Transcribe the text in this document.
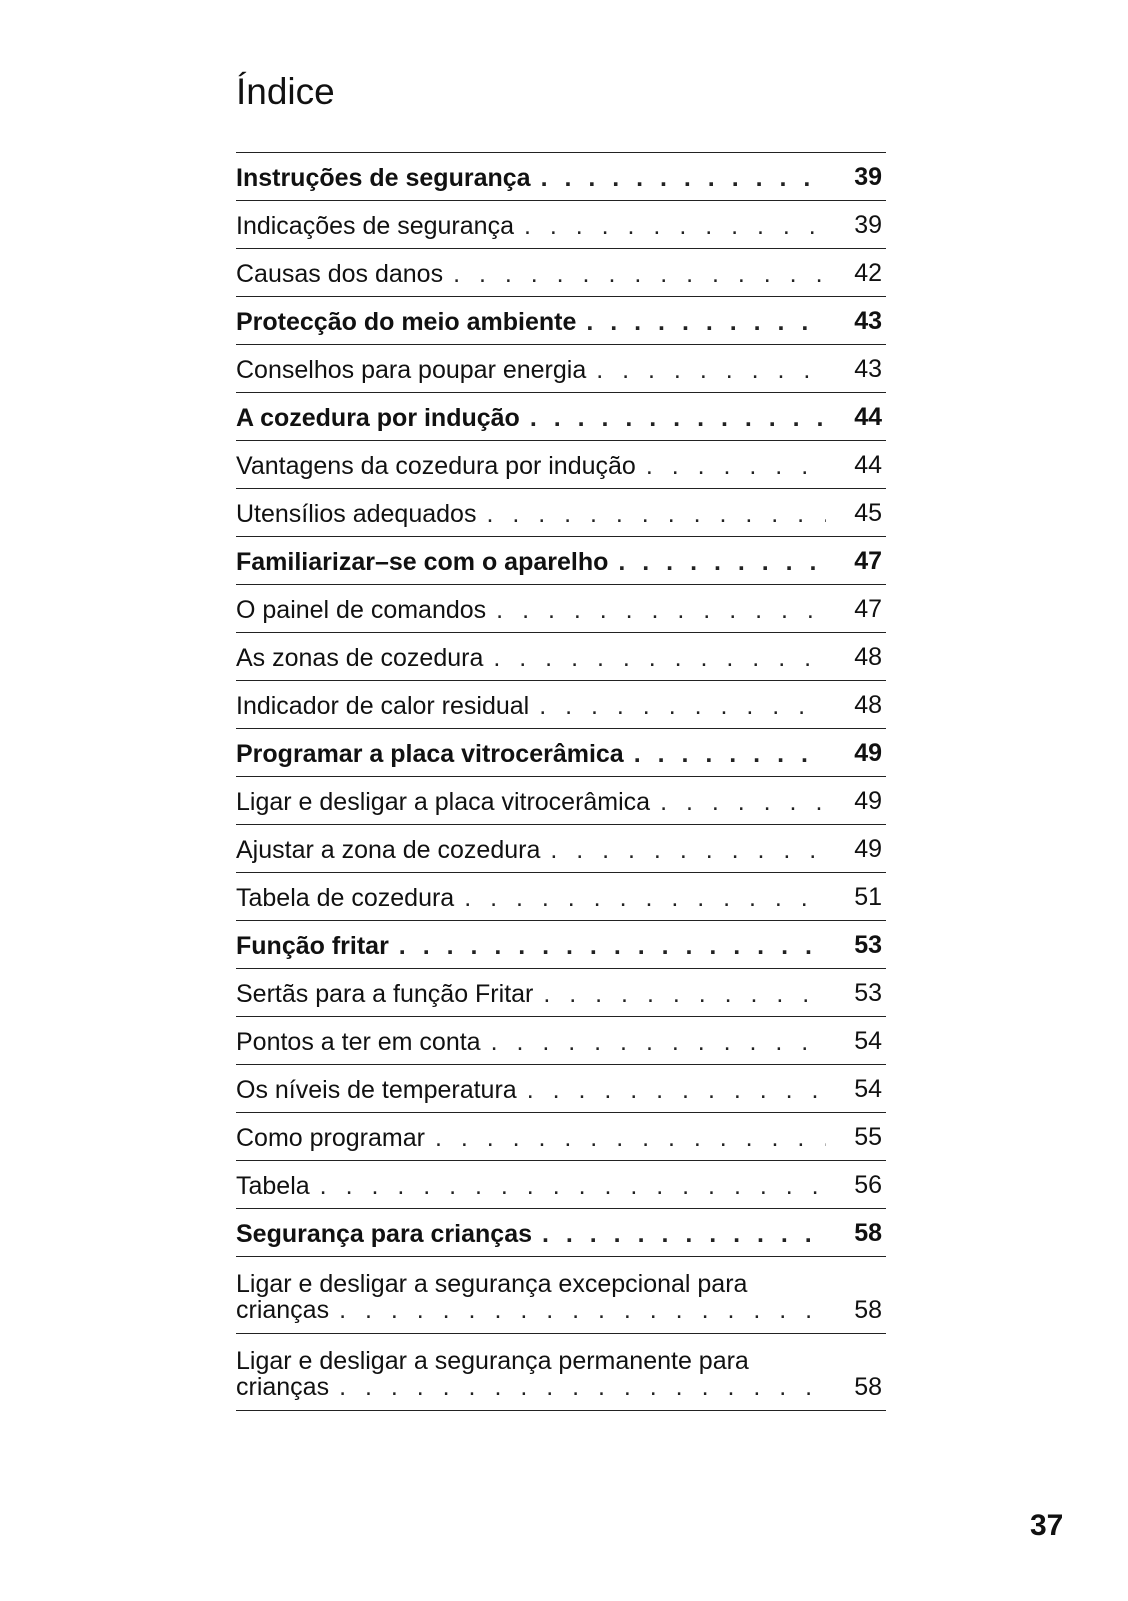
Índice
Instruções de segurança . . .	39
Indicações de segurança . . .	39
Causas dos danos . . .	42
Protecção do meio ambiente . . .	43
Conselhos para poupar energia . . .	43
A cozedura por indução . . .	44
Vantagens da cozedura por indução . . .	44
Utensílios adequados . . .	45
Familiarizar–se com o aparelho . . .	47
O painel de comandos . . .	47
As zonas de cozedura . . .	48
Indicador de calor residual . . .	48
Programar a placa vitrocerâmica . . .	49
Ligar e desligar a placa vitrocerâmica . . .	49
Ajustar a zona de cozedura . . .	49
Tabela de cozedura . . .	51
Função fritar . . .	53
Sertãs para a função Fritar . . .	53
Pontos a ter em conta . . .	54
Os níveis de temperatura . . .	54
Como programar . . .	55
Tabela . . .	56
Segurança para crianças . . .	58
Ligar e desligar a segurança excepcional para
crianças . . .	58
Ligar e desligar a segurança permanente para
crianças . . .	58
37
